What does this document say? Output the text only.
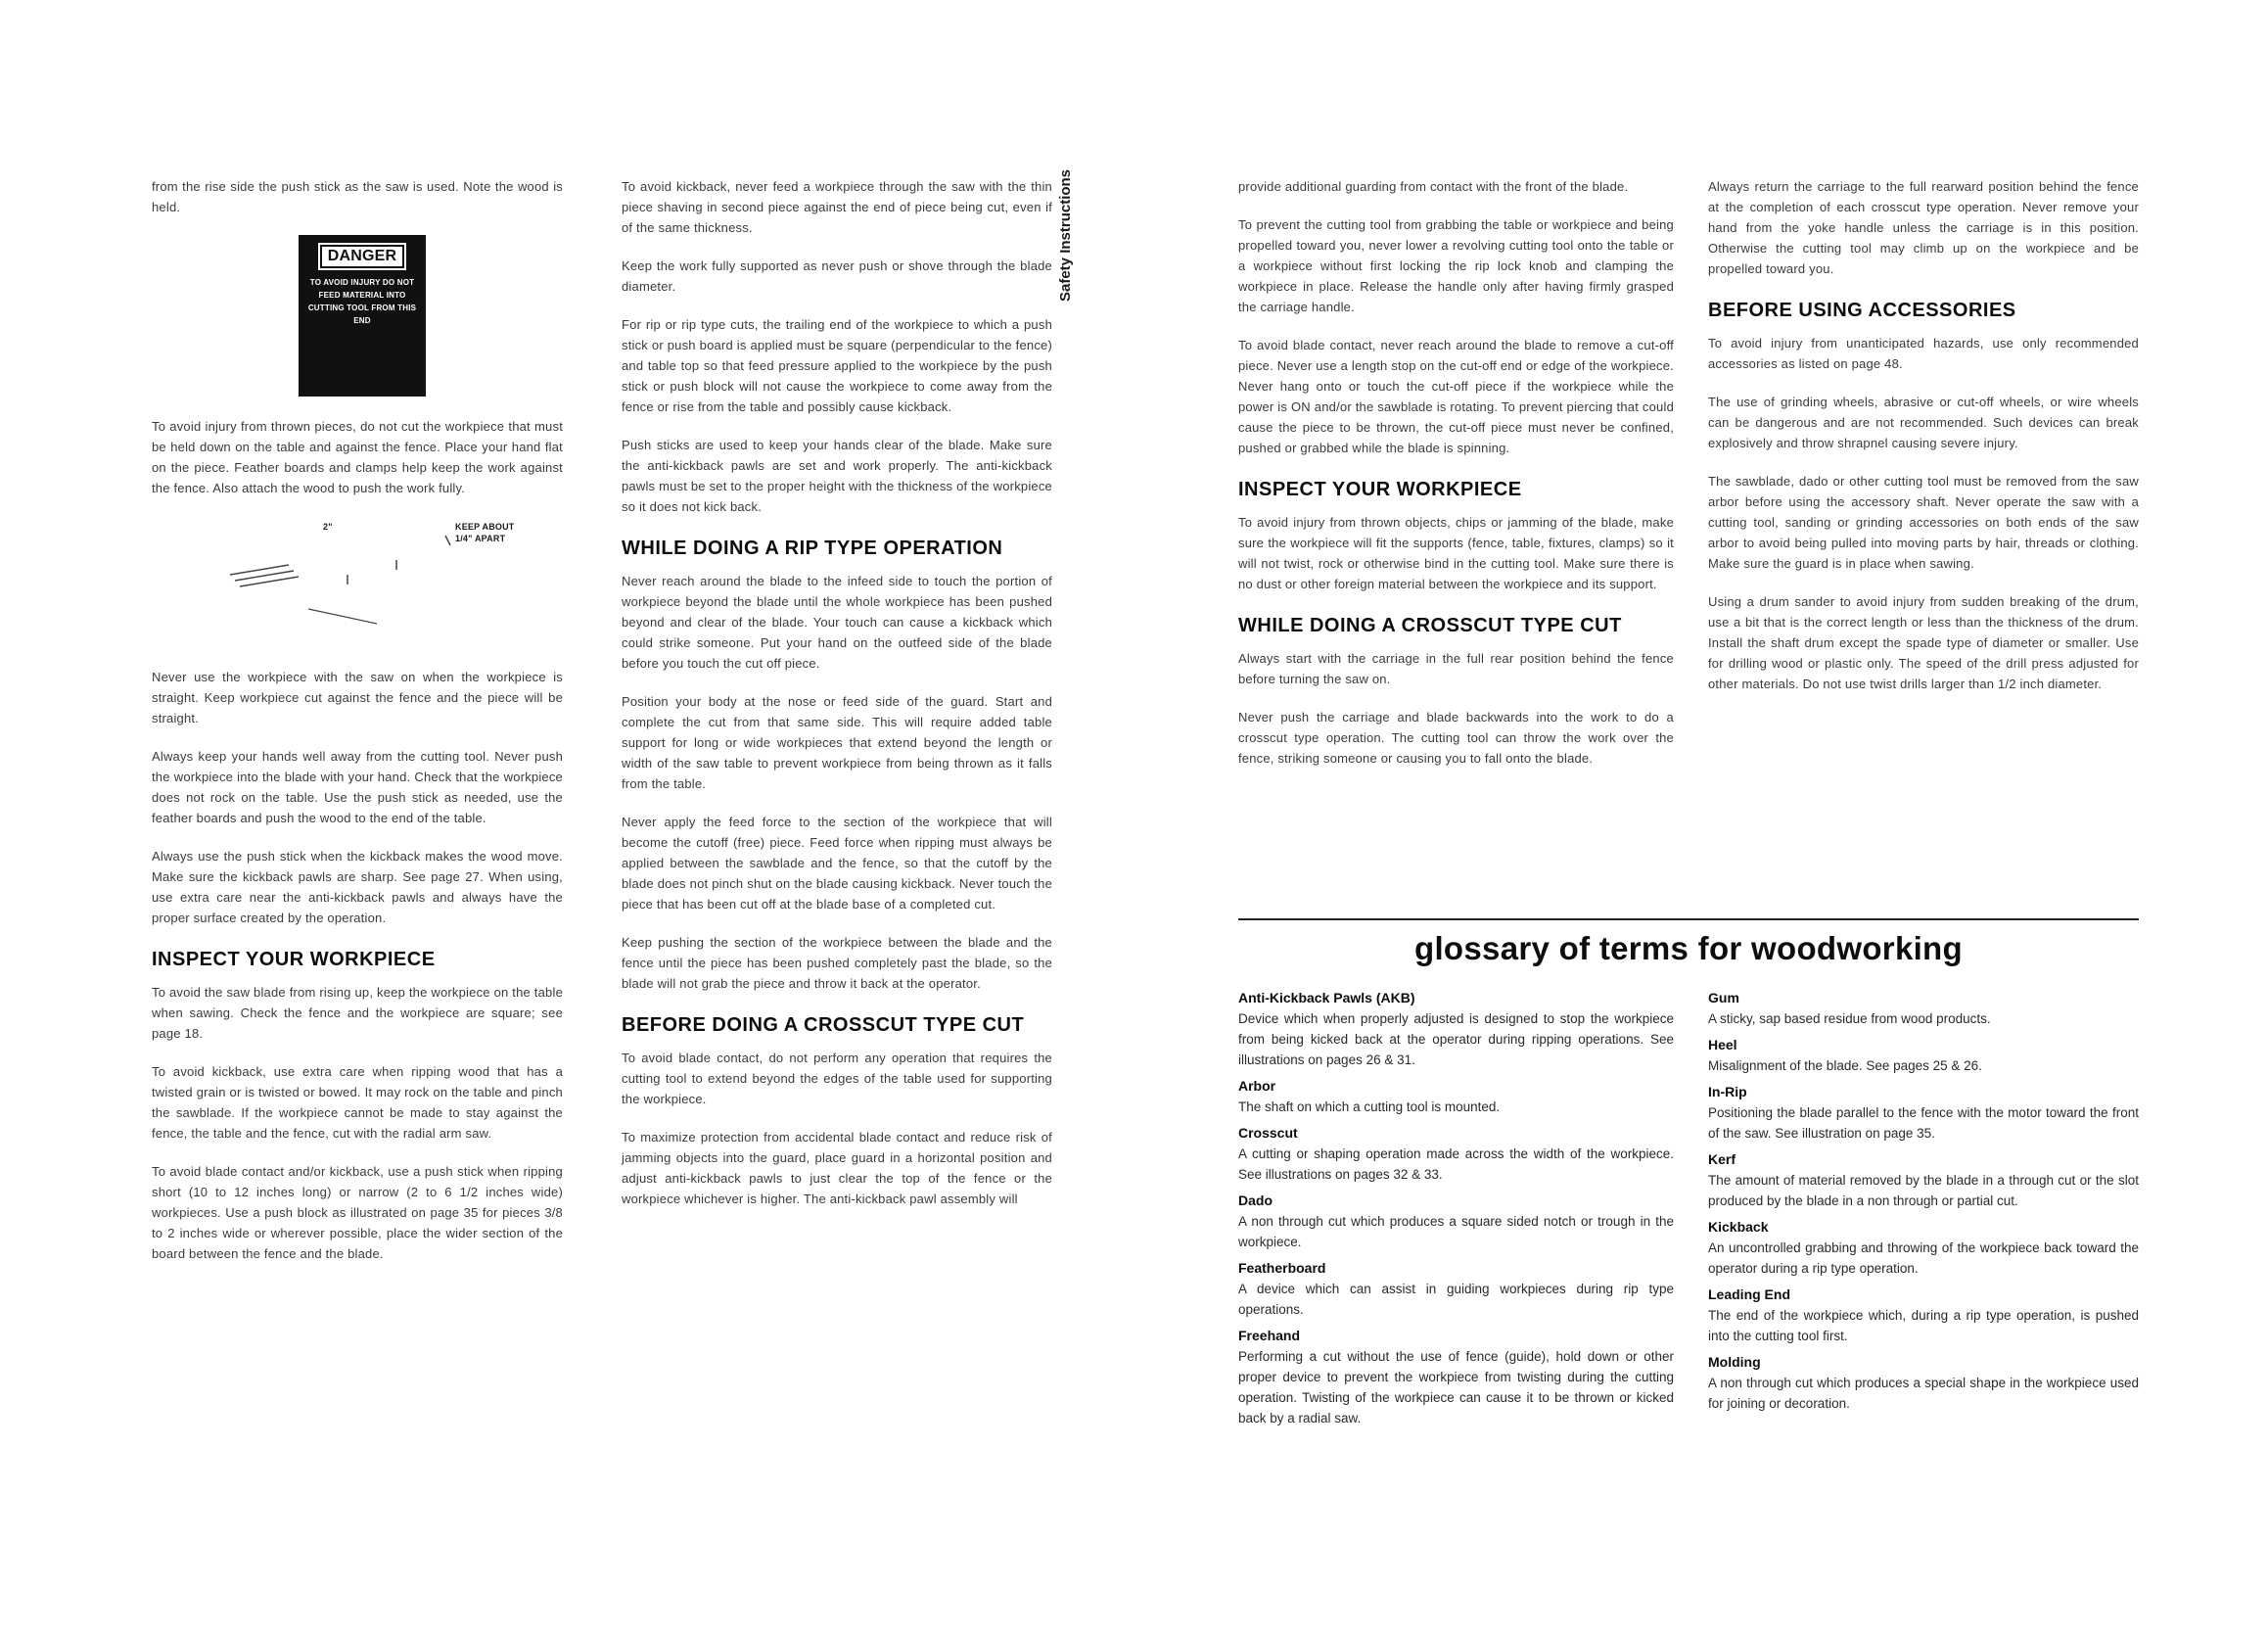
from the rise side the push stick as the saw is used. Note the wood is held.

DANGER
TO AVOID INJURY DO NOT FEED MATERIAL INTO CUTTING TOOL FROM THIS END

To avoid injury from thrown pieces, do not cut the workpiece that must be held down on the table and against the fence. Place your hand flat on the piece. Feather boards and clamps help keep the work against the fence. Also attach the wood to push the work fully.

2"	KEEP ABOUT 1/4" APART

Never use the workpiece with the saw on when the workpiece is straight. Keep workpiece cut against the fence and the piece will be straight.

Always keep your hands well away from the cutting tool. Never push the workpiece into the blade with your hand. Check that the workpiece does not rock on the table. Use the push stick as needed, use the feather boards and push the wood to the end of the table.

Always use the push stick when the kickback makes the wood move. Make sure the kickback pawls are sharp. See page 27. When using, use extra care near the anti-kickback pawls and always have the proper surface created by the operation.

INSPECT YOUR WORKPIECE

To avoid the saw blade from rising up, keep the workpiece on the table when sawing. Check the fence and the workpiece are square; see page 18.

To avoid kickback, use extra care when ripping wood that has a twisted grain or is twisted or bowed. It may rock on the table and pinch the sawblade. If the workpiece cannot be made to stay against the fence, the table and the fence, cut with the radial arm saw.

To avoid blade contact and/or kickback, use a push stick when ripping short (10 to 12 inches long) or narrow (2 to 6 1/2 inches wide) workpieces. Use a push block as illustrated on page 35 for pieces 3/8 to 2 inches wide or wherever possible, place the wider section of the board between the fence and the blade.

To avoid kickback, never feed a workpiece through the saw with the thin piece shaving in second piece against the end of piece being cut, even if of the same thickness.

Keep the work fully supported as never push or shove through the blade diameter.

For rip or rip type cuts, the trailing end of the workpiece to which a push stick or push board is applied must be square (perpendicular to the fence) and table top so that feed pressure applied to the workpiece by the push stick or push block will not cause the workpiece to come away from the fence or rise from the table and possibly cause kickback.

Push sticks are used to keep your hands clear of the blade. Make sure the anti-kickback pawls are set and work properly. The anti-kickback pawls must be set to the proper height with the thickness of the workpiece so it does not kick back.

WHILE DOING A RIP TYPE OPERATION

Never reach around the blade to the infeed side to touch the portion of workpiece beyond the blade until the whole workpiece has been pushed beyond and clear of the blade. Your touch can cause a kickback which could strike someone. Put your hand on the outfeed side of the blade before you touch the cut off piece.

Position your body at the nose or feed side of the guard. Start and complete the cut from that same side. This will require added table support for long or wide workpieces that extend beyond the length or width of the saw table to prevent workpiece from being thrown as it falls from the table.

Never apply the feed force to the section of the workpiece that will become the cutoff (free) piece. Feed force when ripping must always be applied between the sawblade and the fence, so that the cutoff by the blade does not pinch shut on the blade causing kickback. Never touch the piece that has been cut off at the blade base of a completed cut.

Keep pushing the section of the workpiece between the blade and the fence until the piece has been pushed completely past the blade, so the blade will not grab the piece and throw it back at the operator.

BEFORE DOING A CROSSCUT TYPE CUT

To avoid blade contact, do not perform any operation that requires the cutting tool to extend beyond the edges of the table used for supporting the workpiece.

To maximize protection from accidental blade contact and reduce risk of jamming objects into the guard, place guard in a horizontal position and adjust anti-kickback pawls to just clear the top of the fence or the workpiece whichever is higher. The anti-kickback pawl assembly will

Safety Instructions	provide additional guarding from contact with the front of the blade.

To prevent the cutting tool from grabbing the table or workpiece and being propelled toward you, never lower a revolving cutting tool onto the table or a workpiece without first locking the rip lock knob and clamping the workpiece in place. Release the handle only after having firmly grasped the carriage handle.

To avoid blade contact, never reach around the blade to remove a cut-off piece. Never use a length stop on the cut-off end or edge of the workpiece. Never hang onto or touch the cut-off piece if the workpiece while the power is ON and/or the sawblade is rotating. To prevent piercing that could cause the piece to be thrown, the cut-off piece must never be confined, pushed or grabbed while the blade is spinning.

INSPECT YOUR WORKPIECE

To avoid injury from thrown objects, chips or jamming of the blade, make sure the workpiece will fit the supports (fence, table, fixtures, clamps) so it will not twist, rock or otherwise bind in the cutting tool. Make sure there is no dust or other foreign material between the workpiece and its support.

WHILE DOING A CROSSCUT TYPE CUT

Always start with the carriage in the full rear position behind the fence before turning the saw on.

Never push the carriage and blade backwards into the work to do a crosscut type operation. The cutting tool can throw the work over the fence, striking someone or causing you to fall onto the blade.

Always return the carriage to the full rearward position behind the fence at the completion of each crosscut type operation. Never remove your hand from the yoke handle unless the carriage is in this position. Otherwise the cutting tool may climb up on the workpiece and be propelled toward you.

BEFORE USING ACCESSORIES

To avoid injury from unanticipated hazards, use only recommended accessories as listed on page 48.

The use of grinding wheels, abrasive or cut-off wheels, or wire wheels can be dangerous and are not recommended. Such devices can break explosively and throw shrapnel causing severe injury.

The sawblade, dado or other cutting tool must be removed from the saw arbor before using the accessory shaft. Never operate the saw with a cutting tool, sanding or grinding accessories on both ends of the saw arbor to avoid being pulled into moving parts by hair, threads or clothing. Make sure the guard is in place when sawing.

Using a drum sander to avoid injury from sudden breaking of the drum, use a bit that is the correct length or less than the thickness of the drum. Install the shaft drum except the spade type of diameter or smaller. Use for drilling wood or plastic only. The speed of the drill press adjusted for other materials. Do not use twist drills larger than 1/2 inch diameter.

glossary of terms for woodworking
Anti-Kickback Pawls (AKB)
Device which when properly adjusted is designed to stop the workpiece from being kicked back at the operator during ripping operations. See illustrations on pages 26 & 31.
Arbor
The shaft on which a cutting tool is mounted.
Crosscut
A cutting or shaping operation made across the width of the workpiece. See illustrations on pages 32 & 33.
Dado
A non through cut which produces a square sided notch or trough in the workpiece.
Featherboard
A device which can assist in guiding workpieces during rip type operations.
Freehand
Performing a cut without the use of fence (guide), hold down or other proper device to prevent the workpiece from twisting during the cutting operation. Twisting of the workpiece can cause it to be thrown or kicked back by a radial saw.
Gum
A sticky, sap based residue from wood products.
Heel
Misalignment of the blade. See pages 25 & 26.
In-Rip
Positioning the blade parallel to the fence with the motor toward the front of the saw. See illustration on page 35.
Kerf
The amount of material removed by the blade in a through cut or the slot produced by the blade in a non through or partial cut.
Kickback
An uncontrolled grabbing and throwing of the workpiece back toward the operator during a rip type operation.
Leading End
The end of the workpiece which, during a rip type operation, is pushed into the cutting tool first.
Molding
A non through cut which produces a special shape in the workpiece used for joining or decoration.
